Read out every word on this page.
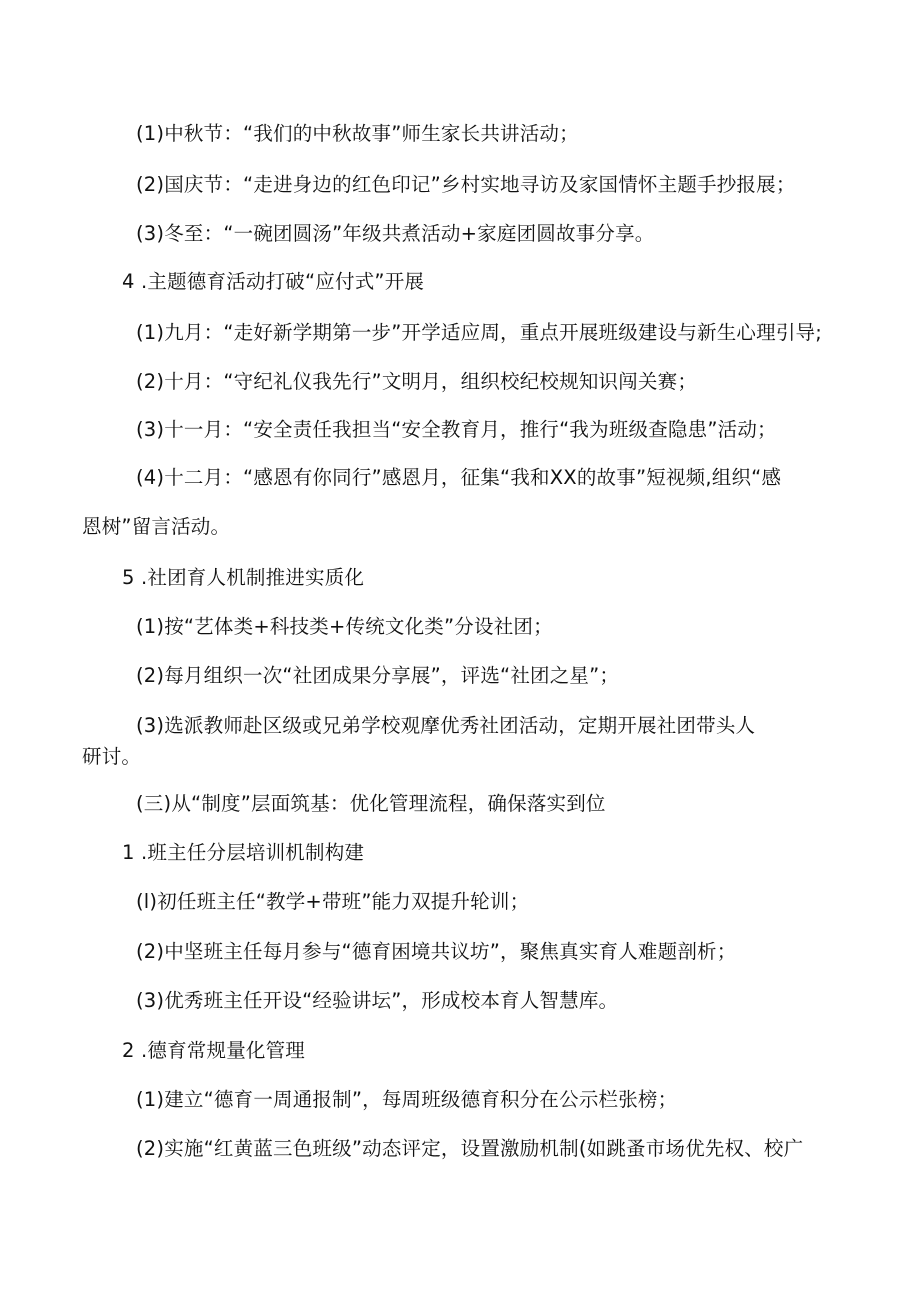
(1)中秋节：“我们的中秋故事”师生家长共讲活动；
(2)国庆节：“走进身边的红色印记”乡村实地寻访及家国情怀主题手抄报展；
(3)冬至：“一碗团圆汤”年级共煮活动+家庭团圆故事分享。
4 .主题德育活动打破“应付式”开展
(1)九月：“走好新学期第一步”开学适应周，重点开展班级建设与新生心理引导;
(2)十月：“守纪礼仪我先行”文明月，组织校纪校规知识闯关赛；
(3)十一月：“安全责任我担当“安全教育月，推行“我为班级查隐患”活动；
(4)十二月：“感恩有你同行”感恩月，征集“我和XX的故事”短视频,组织“感
恩树”留言活动。
5 .社团育人机制推进实质化
(1)按“艺体类+科技类+传统文化类”分设社团；
(2)每月组织一次“社团成果分享展”，评选“社团之星”；
(3)选派教师赴区级或兄弟学校观摩优秀社团活动，定期开展社团带头人
研讨。
(三)从“制度”层面筑基：优化管理流程，确保落实到位
1 .班主任分层培训机制构建
(l)初任班主任“教学+带班”能力双提升轮训；
(2)中坚班主任每月参与“德育困境共议坊”，聚焦真实育人难题剖析；
(3)优秀班主任开设“经验讲坛”，形成校本育人智慧库。
2 .德育常规量化管理
(1)建立“德育一周通报制”，每周班级德育积分在公示栏张榜；
(2)实施“红黄蓝三色班级”动态评定，设置激励机制(如跳蚤市场优先权、校广
